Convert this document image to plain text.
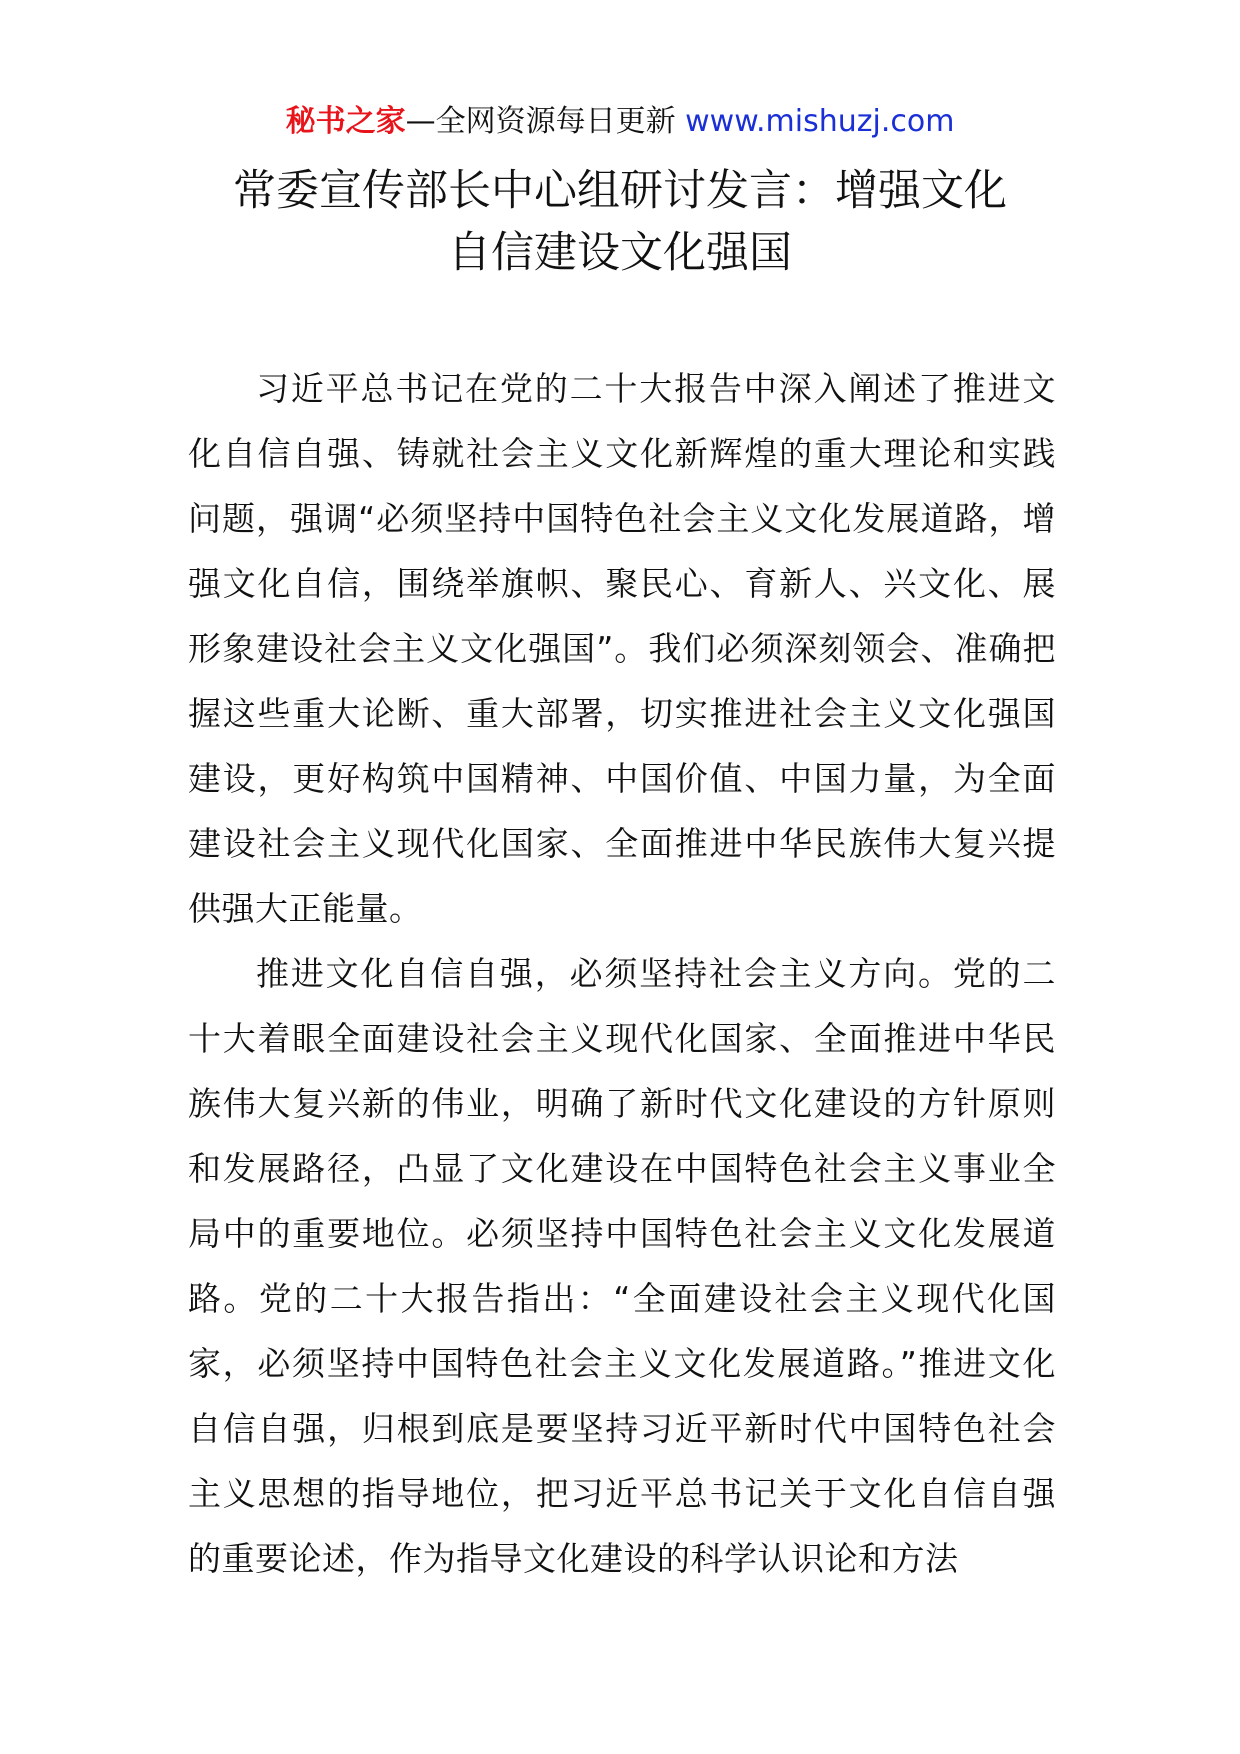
秘书之家—全网资源每日更新 www.mishuzj.com
常委宣传部长中心组研讨发言：增强文化
自信建设文化强国

习近平总书记在党的二十大报告中深入阐述了推进文化自信自强、铸就社会主义文化新辉煌的重大理论和实践问题，强调“必须坚持中国特色社会主义文化发展道路，增强文化自信，围绕举旗帜、聚民心、育新人、兴文化、展形象建设社会主义文化强国”。我们必须深刻领会、准确把握这些重大论断、重大部署，切实推进社会主义文化强国建设，更好构筑中国精神、中国价值、中国力量，为全面建设社会主义现代化国家、全面推进中华民族伟大复兴提供强大正能量。

推进文化自信自强，必须坚持社会主义方向。党的二十大着眼全面建设社会主义现代化国家、全面推进中华民族伟大复兴新的伟业，明确了新时代文化建设的方针原则和发展路径，凸显了文化建设在中国特色社会主义事业全局中的重要地位。必须坚持中国特色社会主义文化发展道路。党的二十大报告指出：“全面建设社会主义现代化国家，必须坚持中国特色社会主义文化发展道路。”推进文化自信自强，归根到底是要坚持习近平新时代中国特色社会主义思想的指导地位，把习近平总书记关于文化自信自强的重要论述，作为指导文化建设的科学认识论和方法
